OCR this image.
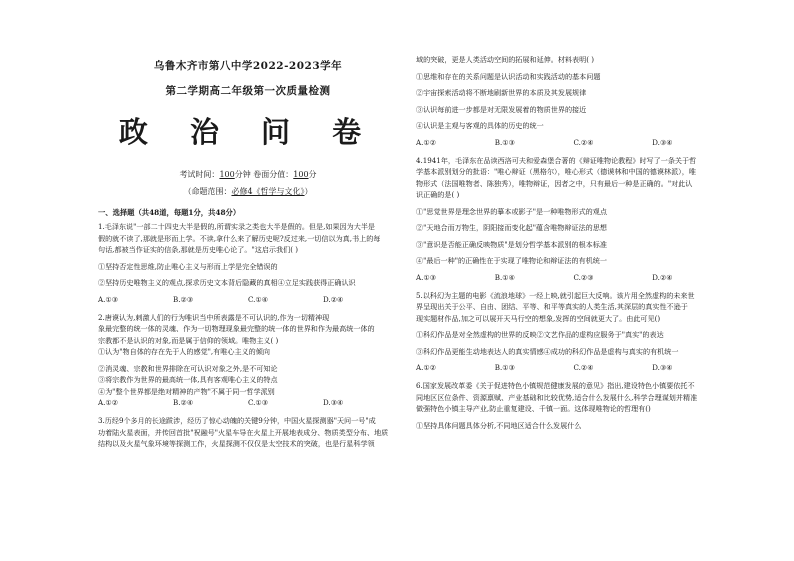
乌鲁木齐市第八中学2022-2023学年
第二学期高二年级第一次质量检测
政 治 问 卷
考试时间：100分钟 卷面分值：100分
（命题范围：必修4《哲学与文化》）
一、选择题（共48道，每题1分，共48分）

1.毛泽东说"一部二十四史大半是假的,所谓实录之类也大半是假的。但是,如果因为大半是

假的就不读了,那就是形而上学。不读,拿什么来了解历史呢?反过来,一切信以为真,书上的每

句话,都被当作证实的信条,那就是历史唯心论了。"这启示我们( )

①坚持否定性思维,防止唯心主义与形而上学是完全错误的

②坚持历史唯物主义的观点,探求历史文本背后隐藏的真相④立足实践获得正确认识

A.①③	B.②③	C.①④	D.②④

2.唐谟认为,刺激人们的行为唯识当中所表露是不可认识的,作为一切精神现

象最完整的统一体的灵魂、作为一切物理现象最完整的统一体的世界和作为最高统一体的

宗教都不是认识的对象,而是属于信仰的领域。唯物主义( )

①认为"物自体的存在先于人的感觉",有唯心主义的倾向

②消灵魂、宗教和世界排除在可认识对象之外,是不可知论

③将宗教作为世界的最高统一体,具有客观唯心主义的特点

④为"整个世界都是绝对精神的产物"不属于同一哲学派别

A.①②	B.②④	C.①③	D.③④

3.历经9个多月的长途跋涉，经历了惊心动魄的关键9分钟，中国火星探测器"天问一号"成

功着陆火星表面，并传回首批"祝融号"火星车导在火星上开展地表成分、物质类型分布、地质

结构以及火星气象环境等探测工作，火星探测不仅仅是太空技术的突破，也是行星科学领

域的突破，更是人类活动空间的拓展和延伸。材料表明( )

①思维和存在的关系问题是认识活动和实践活动的基本问题

②宇宙探索活动将不断地刷新世界的本质及其发展规律

③认识每前进一步都是对无限发展着的物质世界的接近

④认识是主观与客观的具体的历史的统一

A.①②	B.①③	C.②④	D.③④

4.1941年，毛泽东在品读西洛可夫和爱森堡合著的《辩证唯物论教程》时写了一条关于哲

学基本派别划分的批语："唯心辩证（黑格尔），唯心形式（德谟林和中国的德谟林派），唯

物形式（法国唯物者、陈独秀），唯物辩证，因者之中，只有最后一种是正确的。"对此认

识正确的是( )

①"思觉世界是理念世界的摹本或影子"是一种唯物形式的观点

②"天地合而万物生，阴阳接而变化起"蕴含唯物辩证法的思想

③"意识是否能正确反映物质"是划分哲学基本派别的根本标准

④"最后一种"的正确性在于实现了唯物论和辩证法的有机统一

A.①③	B.①④	C.②③	D.②④

5.以科幻为主题的电影《流浪地球》一经上映,就引起巨大反响。该片用全然虚构的未来世

界呈现出关于公平、自由、团结、平等、和平等真实的人类生活,其深层的真实性不逊于

现实题材作品,加之可以展开天马行空的想象,发挥的空间就更大了。由此可见()

①科幻作品是对全然虚构的世界的反映②文艺作品的虚构应服务于"真实"的表达

③科幻作品更能生动地表达人的真实情感④成功的科幻作品是虚构与真实的有机统一

A.①②	B.①③	C.②④	D.③④

6.国家发展改革委《关于促进特色小镇规范健康发展的意见》指出,建设特色小镇要依托不

同地区区位条件、资源禀赋、产业基础和比较优势,适合什么发展什么,科学合理谋划并精准

做强特色小镇主导产业,防止重复建设、千镇一面。这体现唯物论的哲理有()

①坚持具体问题具体分析,不同地区适合什么发展什么
